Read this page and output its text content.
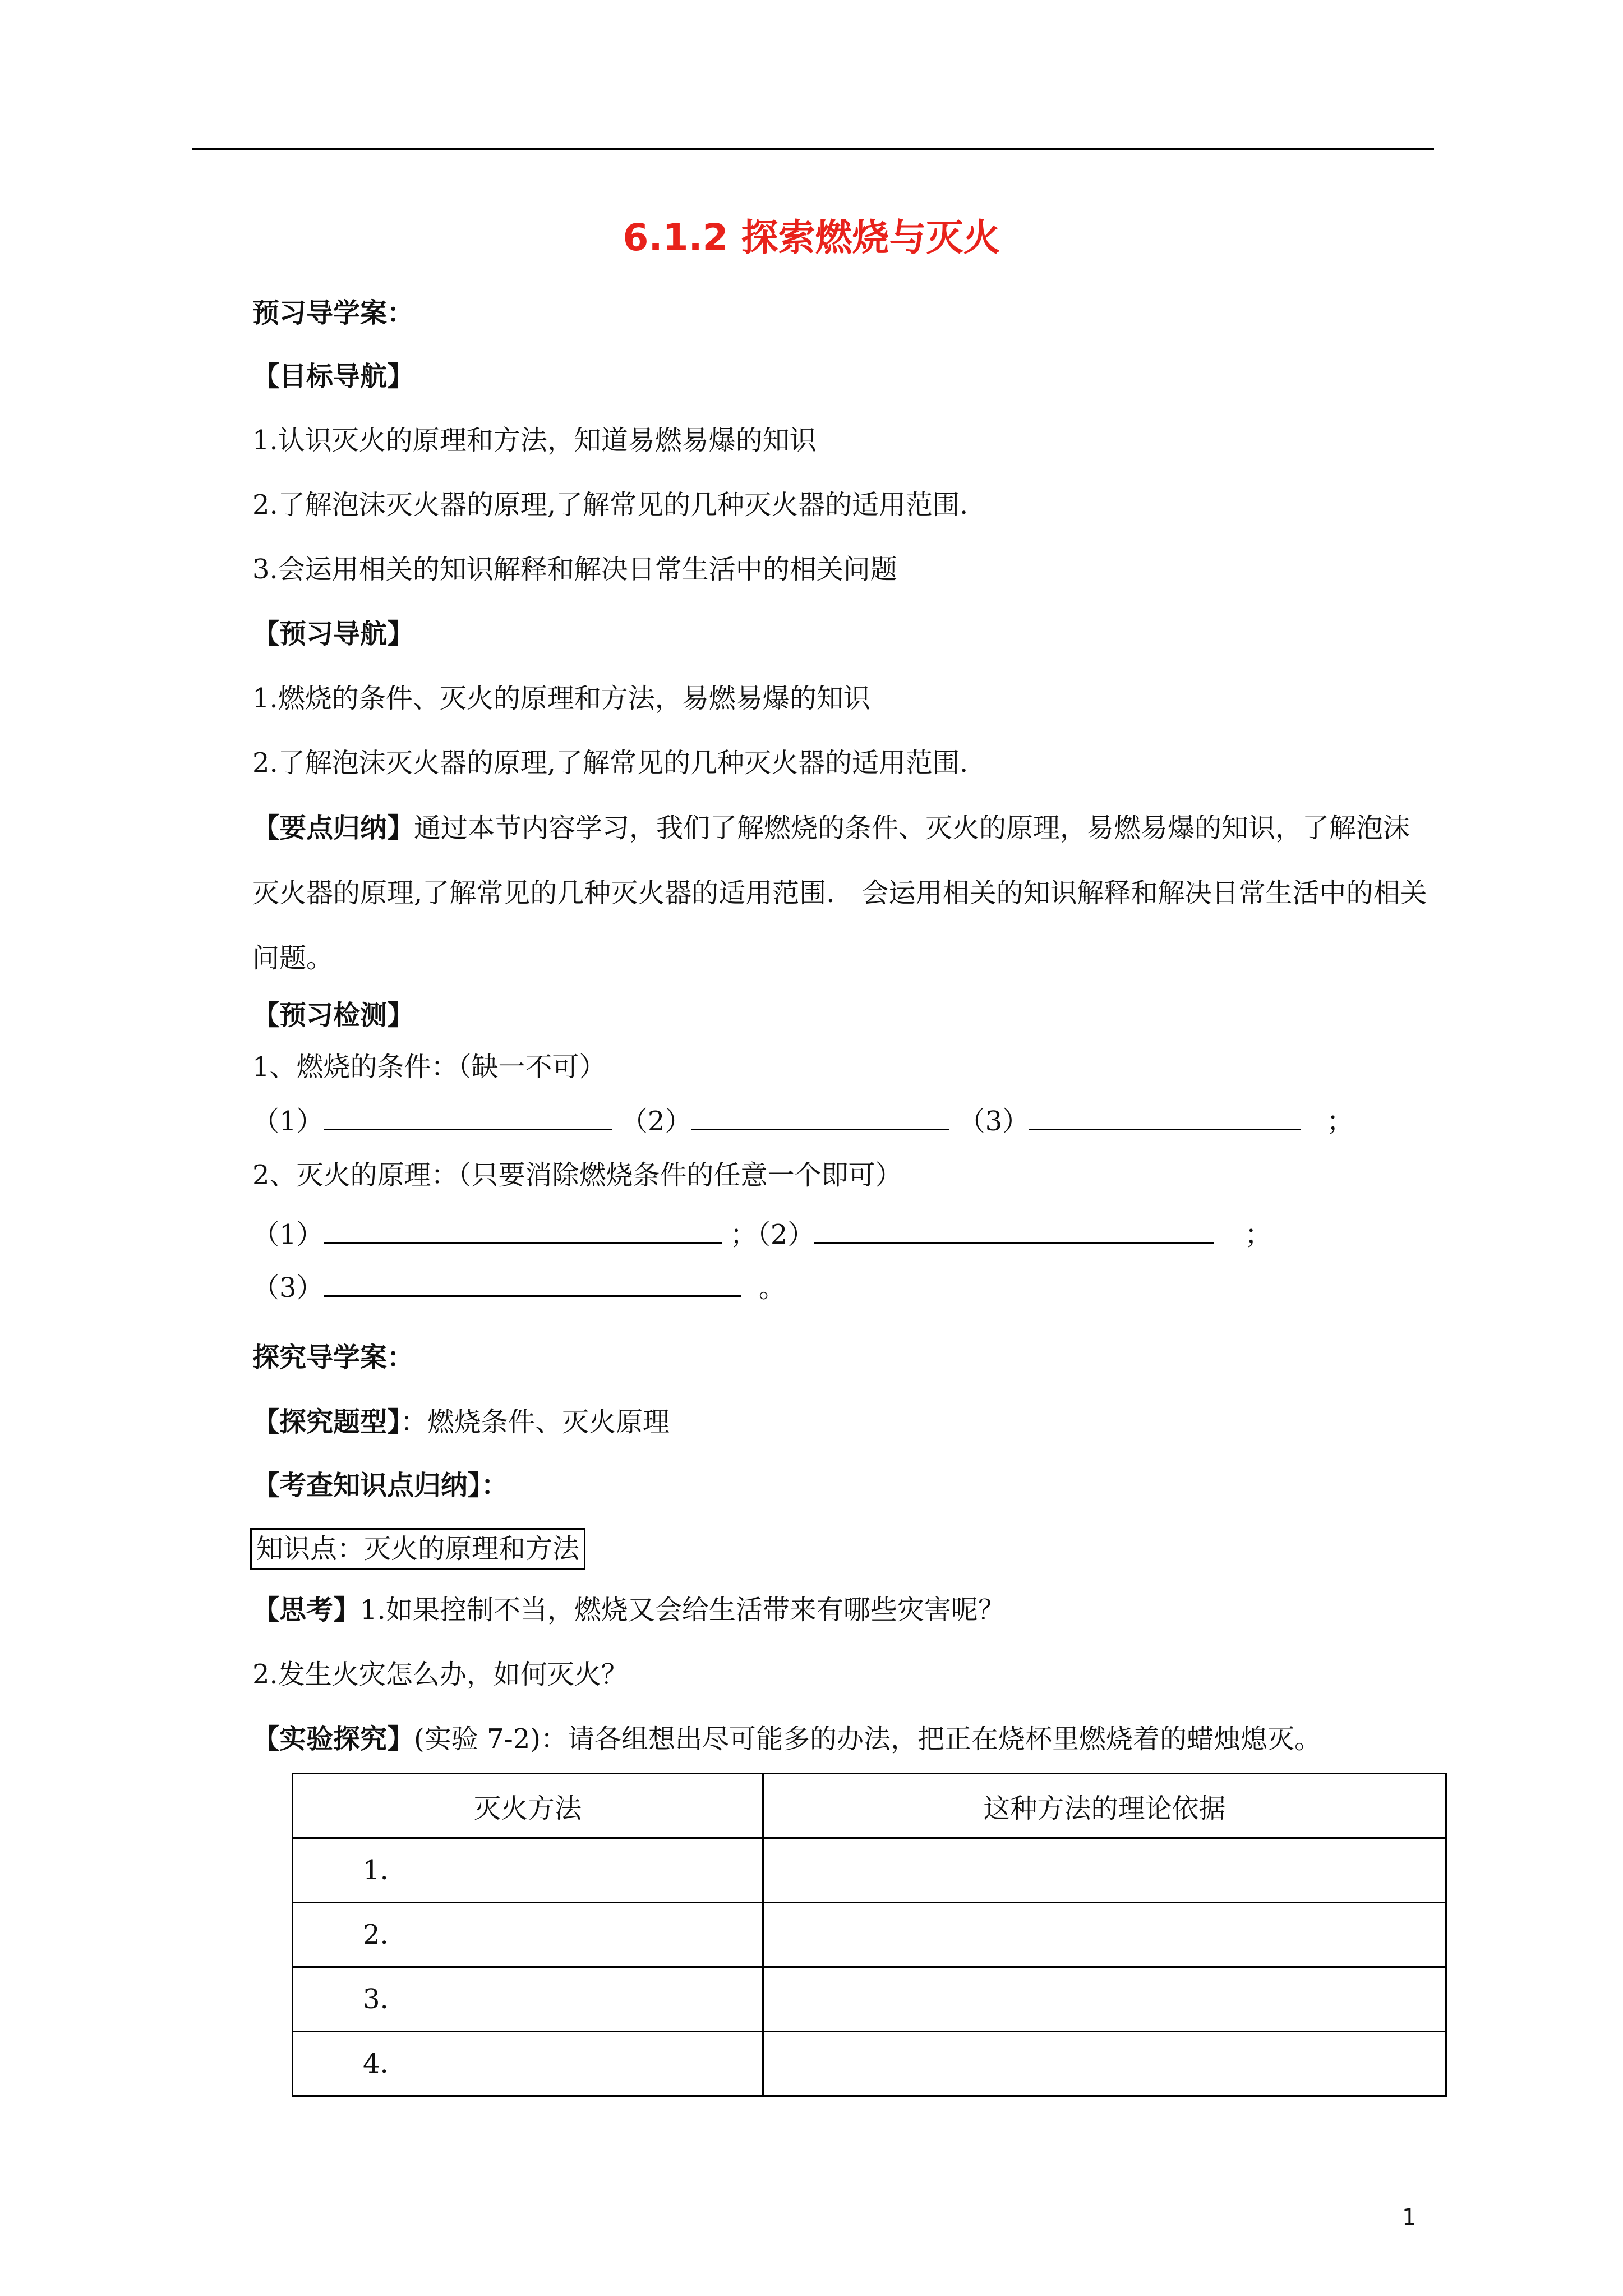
6.1.2 探索燃烧与灭火
预习导学案：
【目标导航】
1.认识灭火的原理和方法，知道易燃易爆的知识
2.了解泡沫灭火器的原理,了解常见的几种灭火器的适用范围.
3.会运用相关的知识解释和解决日常生活中的相关问题
【预习导航】
1.燃烧的条件、灭火的原理和方法，易燃易爆的知识
2.了解泡沫灭火器的原理,了解常见的几种灭火器的适用范围.
【要点归纳】通过本节内容学习，我们了解燃烧的条件、灭火的原理，易燃易爆的知识，了解泡沫灭火器的原理,了解常见的几种灭火器的适用范围.　会运用相关的知识解释和解决日常生活中的相关问题。
【预习检测】
1、燃烧的条件：（缺一不可）
（1）	（2）	（3）	；
2、灭火的原理：（只要消除燃烧条件的任意一个即可）
（1）	；（2）	；
（3）	。
探究导学案：
【探究题型】：燃烧条件、灭火原理
【考查知识点归纳】：
知识点：灭火的原理和方法
【思考】1.如果控制不当，燃烧又会给生活带来有哪些灾害呢？
2.发生火灾怎么办，如何灭火？
【实验探究】(实验 7-2)：请各组想出尽可能多的办法，把正在烧杯里燃烧着的蜡烛熄灭。
灭火方法	这种方法的理论依据
1.	
2.	
3.	
4.	
1
